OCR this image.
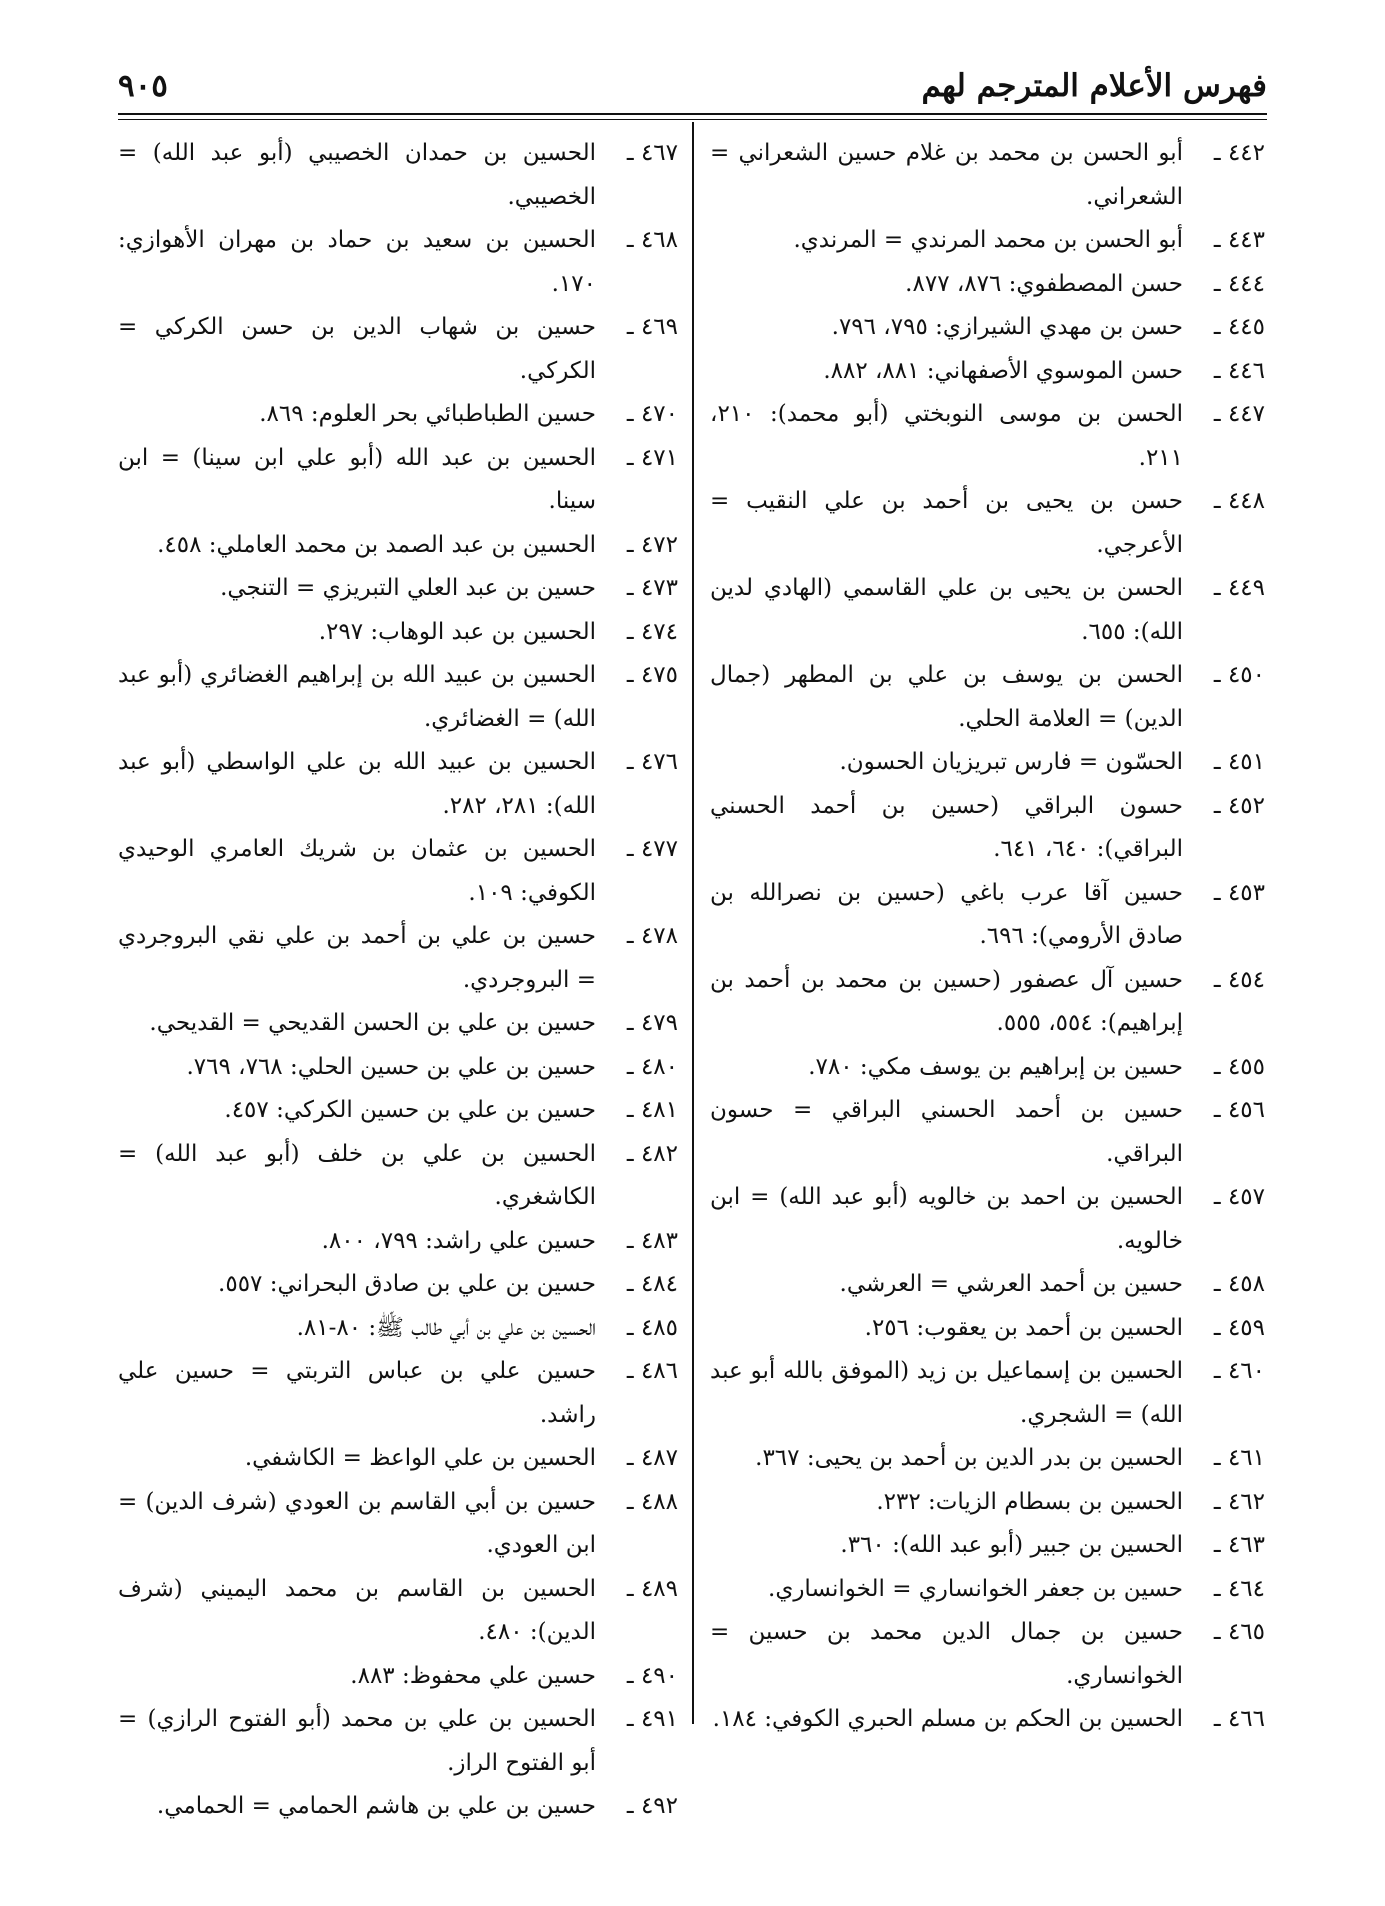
فهرس الأعلام المترجم لهم
٩٠٥
٤٤٢ ـ
أبو الحسن بن محمد بن غلام حسين الشعراني = الشعراني.
٤٤٣ ـ
أبو الحسن بن محمد المرندي = المرندي.
٤٤٤ ـ
حسن المصطفوي: ٨٧٦، ٨٧٧.
٤٤٥ ـ
حسن بن مهدي الشيرازي: ٧٩٥، ٧٩٦.
٤٤٦ ـ
حسن الموسوي الأصفهاني: ٨٨١، ٨٨٢.
٤٤٧ ـ
الحسن بن موسى النوبختي (أبو محمد): ٢١٠، ٢١١.
٤٤٨ ـ
حسن بن يحيى بن أحمد بن علي النقيب = الأعرجي.
٤٤٩ ـ
الحسن بن يحيى بن علي القاسمي (الهادي لدين الله): ٦٥٥.
٤٥٠ ـ
الحسن بن يوسف بن علي بن المطهر (جمال الدين) = العلامة الحلي.
٤٥١ ـ
الحسّون = فارس تبريزيان الحسون.
٤٥٢ ـ
حسون البراقي (حسين بن أحمد الحسني البراقي): ٦٤٠، ٦٤١.
٤٥٣ ـ
حسين آقا عرب باغي (حسين بن نصرالله بن صادق الأرومي): ٦٩٦.
٤٥٤ ـ
حسين آل عصفور (حسين بن محمد بن أحمد بن إبراهيم): ٥٥٤، ٥٥٥.
٤٥٥ ـ
حسين بن إبراهيم بن يوسف مكي: ٧٨٠.
٤٥٦ ـ
حسين بن أحمد الحسني البراقي = حسون البراقي.
٤٥٧ ـ
الحسين بن احمد بن خالويه (أبو عبد الله) = ابن خالويه.
٤٥٨ ـ
حسين بن أحمد العرشي = العرشي.
٤٥٩ ـ
الحسين بن أحمد بن يعقوب: ٢٥٦.
٤٦٠ ـ
الحسين بن إسماعيل بن زيد (الموفق بالله أبو عبد الله) = الشجري.
٤٦١ ـ
الحسين بن بدر الدين بن أحمد بن يحيى: ٣٦٧.
٤٦٢ ـ
الحسين بن بسطام الزيات: ٢٣٢.
٤٦٣ ـ
الحسين بن جبير (أبو عبد الله): ٣٦٠.
٤٦٤ ـ
حسين بن جعفر الخوانساري = الخوانساري.
٤٦٥ ـ
حسين بن جمال الدين محمد بن حسين = الخوانساري.
٤٦٦ ـ
الحسين بن الحكم بن مسلم الحبري الكوفي: ١٨٤.
٤٦٧ ـ
الحسين بن حمدان الخصيبي (أبو عبد الله) = الخصيبي.
٤٦٨ ـ
الحسين بن سعيد بن حماد بن مهران الأهوازي: ١٧٠.
٤٦٩ ـ
حسين بن شهاب الدين بن حسن الكركي = الكركي.
٤٧٠ ـ
حسين الطباطبائي بحر العلوم: ٨٦٩.
٤٧١ ـ
الحسين بن عبد الله (أبو علي ابن سينا) = ابن سينا.
٤٧٢ ـ
الحسين بن عبد الصمد بن محمد العاملي: ٤٥٨.
٤٧٣ ـ
حسين بن عبد العلي التبريزي = التنجي.
٤٧٤ ـ
الحسين بن عبد الوهاب: ٢٩٧.
٤٧٥ ـ
الحسين بن عبيد الله بن إبراهيم الغضائري (أبو عبد الله) = الغضائري.
٤٧٦ ـ
الحسين بن عبيد الله بن علي الواسطي (أبو عبد الله): ٢٨١، ٢٨٢.
٤٧٧ ـ
الحسين بن عثمان بن شريك العامري الوحيدي الكوفي: ١٠٩.
٤٧٨ ـ
حسين بن علي بن أحمد بن علي نقي البروجردي = البروجردي.
٤٧٩ ـ
حسين بن علي بن الحسن القديحي = القديحي.
٤٨٠ ـ
حسين بن علي بن حسين الحلي: ٧٦٨، ٧٦٩.
٤٨١ ـ
حسين بن علي بن حسين الكركي: ٤٥٧.
٤٨٢ ـ
الحسين بن علي بن خلف (أبو عبد الله) = الكاشغري.
٤٨٣ ـ
حسين علي راشد: ٧٩٩، ٨٠٠.
٤٨٤ ـ
حسين بن علي بن صادق البحراني: ٥٥٧.
٤٨٥ ـ
الحسين بن علي بن أبي طالب ﷺ: ٨٠-٨١.
٤٨٦ ـ
حسين علي بن عباس التربتي = حسين علي راشد.
٤٨٧ ـ
الحسين بن علي الواعظ = الكاشفي.
٤٨٨ ـ
حسين بن أبي القاسم بن العودي (شرف الدين) = ابن العودي.
٤٨٩ ـ
الحسين بن القاسم بن محمد اليميني (شرف الدين): ٤٨٠.
٤٩٠ ـ
حسين علي محفوظ: ٨٨٣.
٤٩١ ـ
الحسين بن علي بن محمد (أبو الفتوح الرازي) = أبو الفتوح الراز.
٤٩٢ ـ
حسين بن علي بن هاشم الحمامي = الحمامي.
